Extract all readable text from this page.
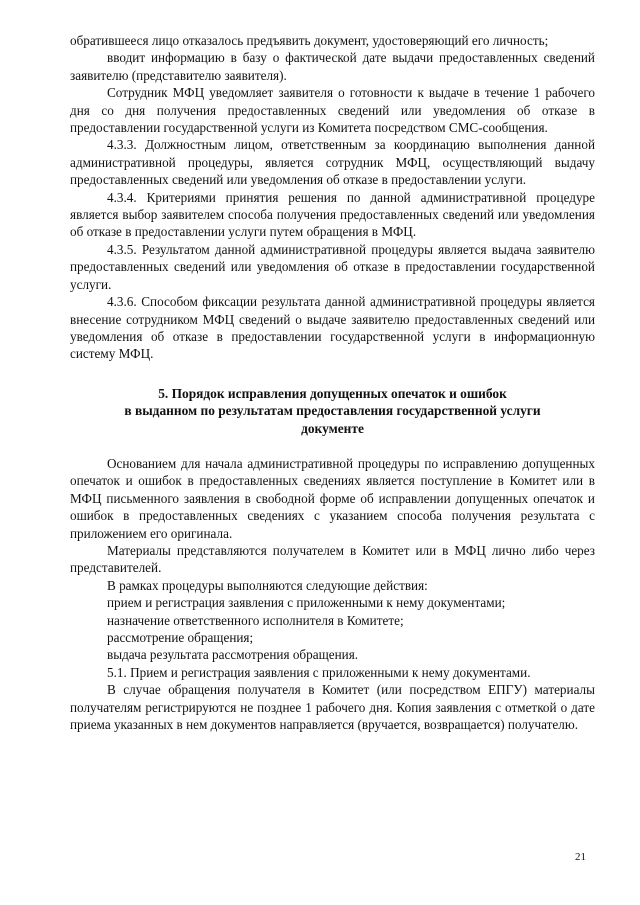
обратившееся лицо отказалось предъявить документ, удостоверяющий его личность;

вводит информацию в базу о фактической дате выдачи предоставленных сведений заявителю (представителю заявителя).

Сотрудник МФЦ уведомляет заявителя о готовности к выдаче в течение 1 рабочего дня со дня получения предоставленных сведений или уведомления об отказе в предоставлении государственной услуги из Комитета посредством СМС-сообщения.

4.3.3. Должностным лицом, ответственным за координацию выполнения данной административной процедуры, является сотрудник МФЦ, осуществляющий выдачу предоставленных сведений или уведомления об отказе в предоставлении услуги.

4.3.4. Критериями принятия решения по данной административной процедуре является выбор заявителем способа получения предоставленных сведений или уведомления об отказе в предоставлении услуги путем обращения в МФЦ.

4.3.5. Результатом данной административной процедуры является выдача заявителю предоставленных сведений или уведомления об отказе в предоставлении государственной услуги.

4.3.6. Способом фиксации результата данной административной процедуры является внесение сотрудником МФЦ сведений о выдаче заявителю предоставленных сведений или уведомления об отказе в предоставлении государственной услуги в информационную систему МФЦ.

5. Порядок исправления допущенных опечаток и ошибок
в выданном по результатам предоставления государственной услуги
документе

Основанием для начала административной процедуры по исправлению допущенных опечаток и ошибок в предоставленных сведениях является поступление в Комитет или в МФЦ письменного заявления в свободной форме об исправлении допущенных опечаток и ошибок в предоставленных сведениях с указанием способа получения результата с приложением его оригинала.

Материалы представляются получателем в Комитет или в МФЦ лично либо через представителей.

В рамках процедуры выполняются следующие действия:

прием и регистрация заявления с приложенными к нему документами;

назначение ответственного исполнителя в Комитете;

рассмотрение обращения;

выдача результата рассмотрения обращения.

5.1. Прием и регистрация заявления с приложенными к нему документами.

В случае обращения получателя в Комитет (или посредством ЕПГУ) материалы получателям регистрируются не позднее 1 рабочего дня. Копия заявления с отметкой о дате приема указанных в нем документов направляется (вручается, возвращается) получателю.

21
